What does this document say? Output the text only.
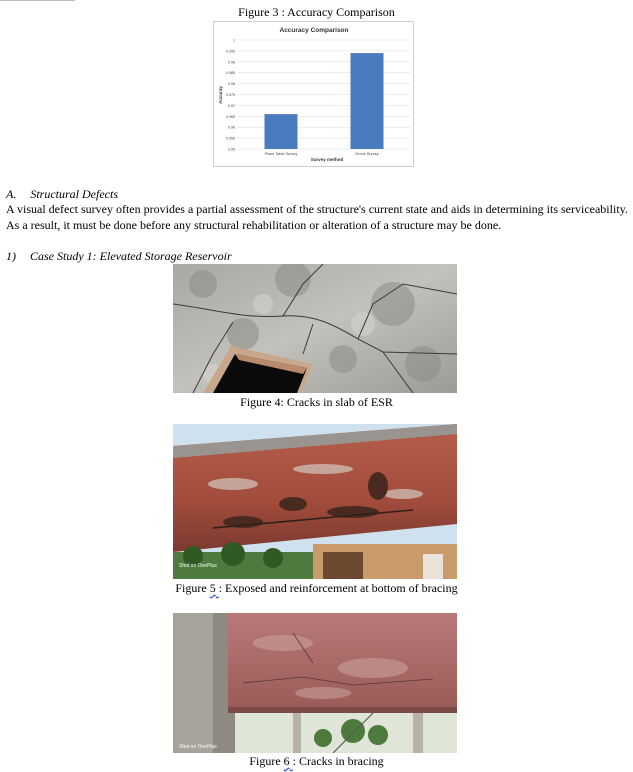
Figure 3 : Accuracy Comparison
Accuracy Comparison
Accuray
Survey method
0.95
0.955
0.96
0.965
0.97
0.975
0.98
0.985
0.99
0.995
1
Plane Table Survey	Drone Survey
A. Structural Defects
A visual defect survey often provides a partial assessment of the structure's current state and aids in determining its serviceability.
As a result, it must be done before any structural rehabilitation or alteration of a structure may be done.
1) Case Study 1: Elevated Storage Reservoir
Figure 4: Cracks in slab of ESR
Shot on OnePlus
Figure 5 : Exposed and reinforcement at bottom of bracing
Shot on OnePlus
Figure 6 : Cracks in bracing
